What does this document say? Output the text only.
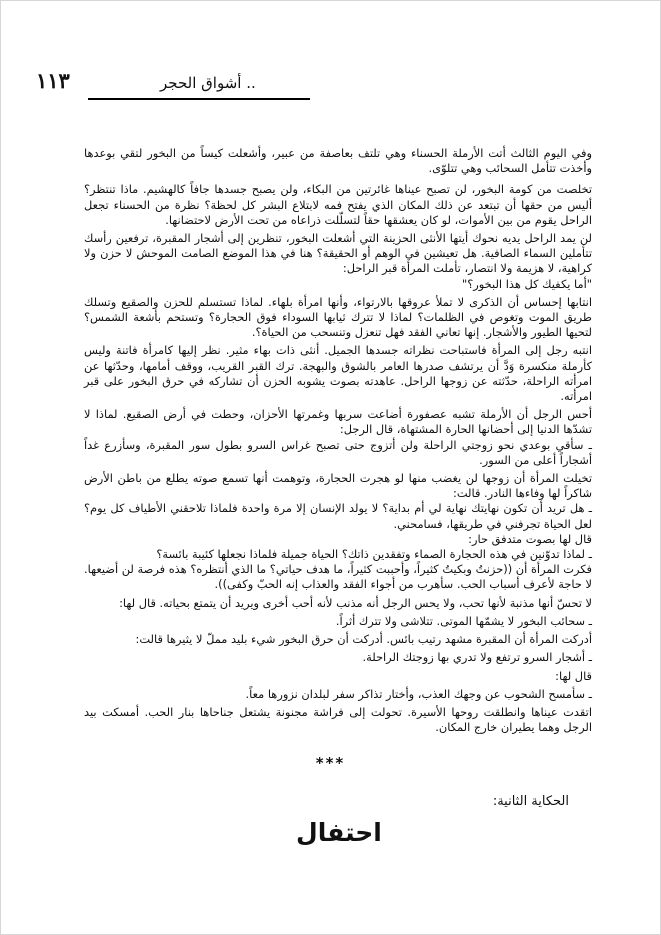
١١٣	أشواق الحجر ..

وفي اليوم الثالث أتت الأرملة الحسناء وهي تلتف بعاصفة من عبير، وأشعلت كيساً من البخور لتقي بوعدها وأخذت تتأمل السحائب وهي تتلوّى.

تخلصت من كومة البخور، لن تصبح عيناها غائرتين من البكاء، ولن يصبح جسدها جافاً كالهشيم. ماذا تنتظر؟ أليس من حقها أن تبتعد عن ذلك المكان الذي يفتح فمه لابتلاع البشر كل لحظة؟ نظرة من الحسناء تجعل الراحل يقوم من بين الأموات، لو كان يعشقها حقاً لتسلّلت ذراعاه من تحت الأرض لاحتضانها.

لن يمد الراحل يديه نحوك أيتها الأنثى الحزينة التي أشعلت البخور، تنظرين إلى أشجار المقبرة، ترفعين رأسك تتأملين السماء الصافية. هل تعيشين في الوهم أو الحقيقة؟ هنا في هذا الموضع الصامت الموحش لا حزن ولا كراهية، لا هزيمة ولا انتصار، تأملت المرأة قبر الراحل:

"أما يكفيك كل هذا البخور؟"

انتابها إحساس أن الذكرى لا تملأ عروقها بالارتواء، وأنها امرأة بلهاء. لماذا تستسلم للحزن والصقيع وتسلك طريق الموت وتغوص في الظلمات؟ لماذا لا تترك ثيابها السوداء فوق الحجارة؟ وتستحم بأشعة الشمس؟ لتحيها الطيور والأشجار. إنها تعاني الفقد فهل تنعزل وتنسحب من الحياة؟.

انتبه رجل إلى المرأة فاستباحت نظراته جسدها الجميل. أنثى ذات بهاء مثير. نظر إليها كامرأة فاتنة وليس كأرملة منكسرة وَدَّ أن يرتشف صدرها العامر بالشوق والبهجة. ترك القبر القريب، ووقف أمامها، وحدّثها عن امرأته الراحلة، حدّثته عن زوجها الراحل. عاهدته بصوت يشوبه الحزن أن تشاركه في حرق البخور على قبر امرأته.

أحس الرجل أن الأرملة تشبه عصفورة أضاعت سربها وغمرتها الأحزان، وحطت في أرض الصقيع. لماذا لا تشدّها الدنيا إلى أحضانها الحارة المشتهاة، قال الرجل:

ـ سأقي بوعدي نحو زوجتي الراحلة ولن أتزوج حتى تصبح غراس السرو بطول سور المقبرة، وسأزرع غداً أشجاراً أعلى من السور.

تخيلت المرأة أن زوجها لن يغضب منها لو هجرت الحجارة، وتوهمت أنها تسمع صوته يطلع من باطن الأرض شاكراً لها وفاءها النادر. قالت:

ـ هل تريد أن تكون نهايتك نهاية لي أم بداية؟ لا يولد الإنسان إلا مرة واحدة فلماذا تلاحقني الأطياف كل يوم؟ لعل الحياة تجرفني في طريقها، فسامحني.

قال لها بصوت متدفق حار:

ـ لماذا تدوّنين في هذه الحجارة الصماء وتفقدين ذاتك؟ الحياة جميلة فلماذا نجعلها كئيبة بائسة؟

فكرت المرأة أن ((حزنتُ وبكيتُ كثيراً، وأحببت كثيراً، ما هدف حياتي؟ ما الذي أنتظره؟ هذه فرصة لن أضيعها. لا حاجة لأعرف أسباب الحب. سأهرب من أجواء الفقد والعذاب إنه الحبّ وكفى)).

لا تحسّ أنها مذنبة لأنها تحب، ولا يحس الرجل أنه مذنب لأنه أحب أخرى ويريد أن يتمتع بحياته. قال لها:

ـ سحائب البخور لا يشمّها الموتى. تتلاشى ولا تترك أثراً.

أدركت المرأة أن المقبرة مشهد رتيب بائس. أدركت أن حرق البخور شيء بليد مملّ لا يثيرها قالت:

ـ أشجار السرو ترتفع ولا تدري بها زوجتك الراحلة.

قال لها:

ـ سأمسح الشحوب عن وجهك العذب، وأختار تذاكر سفر لبلدان نزورها معاً.

اتقدت عيناها وانطلقت روحها الأسيرة. تحولت إلى فراشة مجنونة يشتعل جناحاها بنار الحب. أمسكت بيد الرجل وهما يطيران خارج المكان.

***
الحكاية الثانية:
احتفال
